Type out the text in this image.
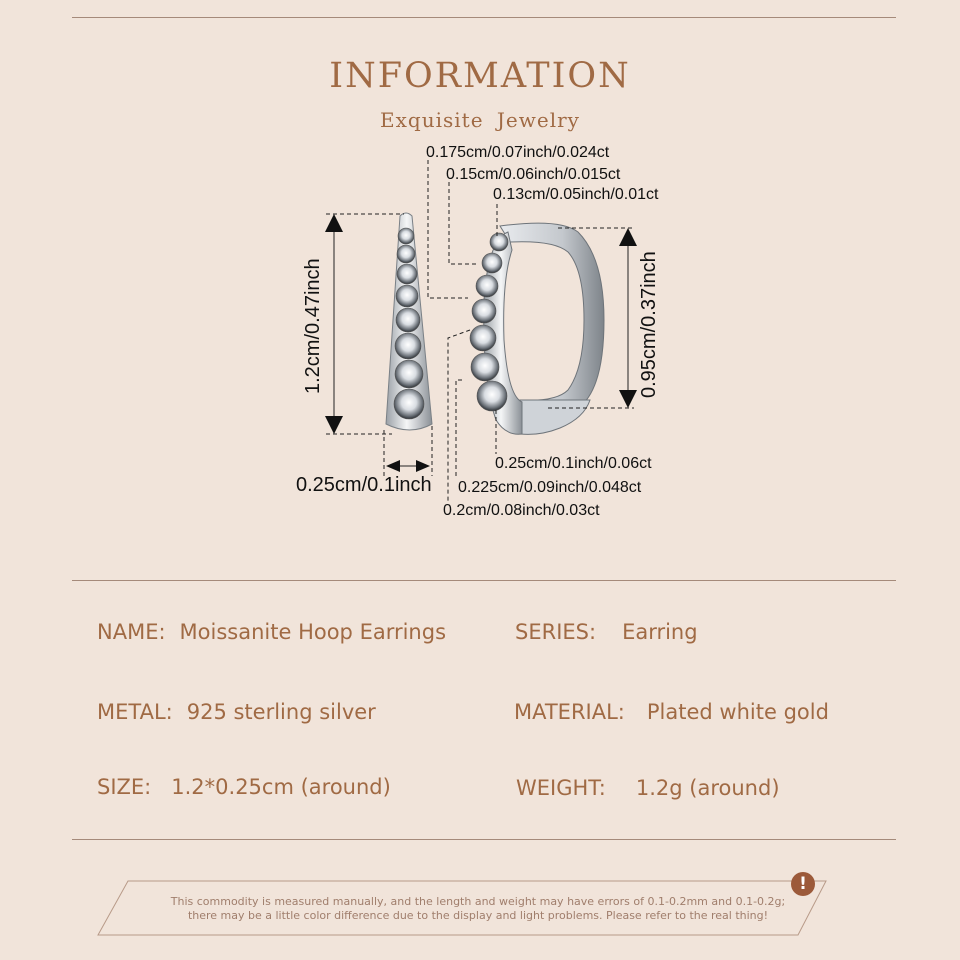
INFORMATION
Exquisite Jewelry
0.175cm/0.07inch/0.024ct
0.15cm/0.06inch/0.015ct
0.13cm/0.05inch/0.01ct
0.25cm/0.1inch/0.06ct
0.225cm/0.09inch/0.048ct
0.2cm/0.08inch/0.03ct
0.25cm/0.1inch
1.2cm/0.47inch	0.95cm/0.37inch
NAME: Moissanite Hoop Earrings	SERIES: Earring
METAL: 925 sterling silver	MATERIAL: Plated white gold
SIZE: 1.2*0.25cm (around)	WEIGHT: 1.2g (around)
!
This commodity is measured manually, and the length and weight may have errors of 0.1-0.2mm and 0.1-0.2g;
there may be a little color difference due to the display and light problems. Please refer to the real thing!
